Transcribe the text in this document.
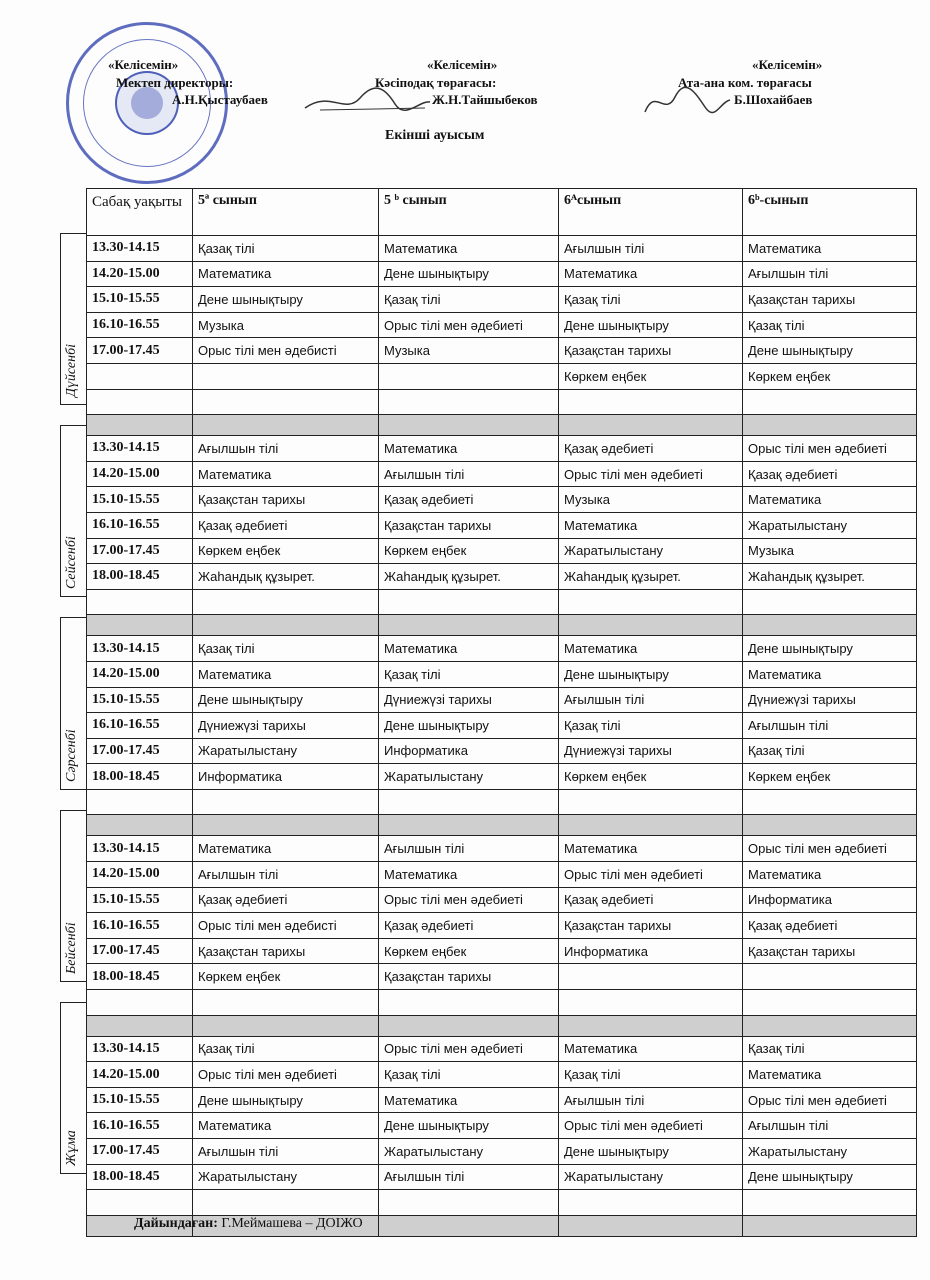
«Келісемін»
Мектеп директоры:
А.Н.Қыстаубаев
«Келісемін»
Кәсіподақ төрағасы:
Ж.Н.Тайшыбеков
«Келісемін»
Ата-ана ком. төрағасы
Б.Шохайбаев
Екінші ауысым
Дүйсенбі
Сейсенбі
Сәрсенбі
Бейсенбі
Жұма
Сабақ уақыты	5ª сынып	5 ᵇ сынып	6ᴬсынып	6ᵇ-сынып
13.30-14.15	Қазақ тілі	Математика	Ағылшын тілі	Математика
14.20-15.00	Математика	Дене шынықтыру	Математика	Ағылшын тілі
15.10-15.55	Дене шынықтыру	Қазақ тілі	Қазақ тілі	Қазақстан тарихы
16.10-16.55	Музыка	Орыс тілі мен әдебиеті	Дене шынықтыру	Қазақ тілі
17.00-17.45	Орыс тілі мен әдебисті	Музыка	Қазақстан тарихы	Дене шынықтыру
			Көркем еңбек	Көркем еңбек

13.30-14.15	Ағылшын тілі	Математика	Қазақ әдебиеті	Орыс тілі мен әдебиеті
14.20-15.00	Математика	Ағылшын тілі	Орыс тілі мен әдебиеті	Қазақ әдебиеті
15.10-15.55	Қазақстан тарихы	Қазақ әдебиеті	Музыка	Математика
16.10-16.55	Қазақ әдебиеті	Қазақстан тарихы	Математика	Жаратылыстану
17.00-17.45	Көркем еңбек	Көркем еңбек	Жаратылыстану	Музыка
18.00-18.45	Жаһандық құзырет.	Жаһандық құзырет.	Жаһандық құзырет.	Жаһандық құзырет.

13.30-14.15	Қазақ тілі	Математика	Математика	Дене шынықтыру
14.20-15.00	Математика	Қазақ тілі	Дене шынықтыру	Математика
15.10-15.55	Дене шынықтыру	Дүниежүзі тарихы	Ағылшын тілі	Дүниежүзі тарихы
16.10-16.55	Дүниежүзі тарихы	Дене шынықтыру	Қазақ тілі	Ағылшын тілі
17.00-17.45	Жаратылыстану	Информатика	Дүниежүзі тарихы	Қазақ тілі
18.00-18.45	Информатика	Жаратылыстану	Көркем еңбек	Көркем еңбек

13.30-14.15	Математика	Ағылшын тілі	Математика	Орыс тілі мен әдебиеті
14.20-15.00	Ағылшын тілі	Математика	Орыс тілі мен әдебиеті	Математика
15.10-15.55	Қазақ әдебиеті	Орыс тілі мен әдебиеті	Қазақ әдебиеті	Информатика
16.10-16.55	Орыс тілі мен әдебисті	Қазақ әдебиеті	Қазақстан тарихы	Қазақ әдебиеті
17.00-17.45	Қазақстан тарихы	Көркем еңбек	Информатика	Қазақстан тарихы
18.00-18.45	Көркем еңбек	Қазақстан тарихы		

13.30-14.15	Қазақ тілі	Орыс тілі мен әдебиеті	Математика	Қазақ тілі
14.20-15.00	Орыс тілі мен әдебиеті	Қазақ тілі	Қазақ тілі	Математика
15.10-15.55	Дене шынықтыру	Математика	Ағылшын тілі	Орыс тілі мен әдебиеті
16.10-16.55	Математика	Дене шынықтыру	Орыс тілі мен әдебиеті	Ағылшын тілі
17.00-17.45	Ағылшын тілі	Жаратылыстану	Дене шынықтыру	Жаратылыстану
18.00-18.45	Жаратылыстану	Ағылшын тілі	Жаратылыстану	Дене шынықтыру

Дайындаған: Г.Меймашева – ДОІЖО
